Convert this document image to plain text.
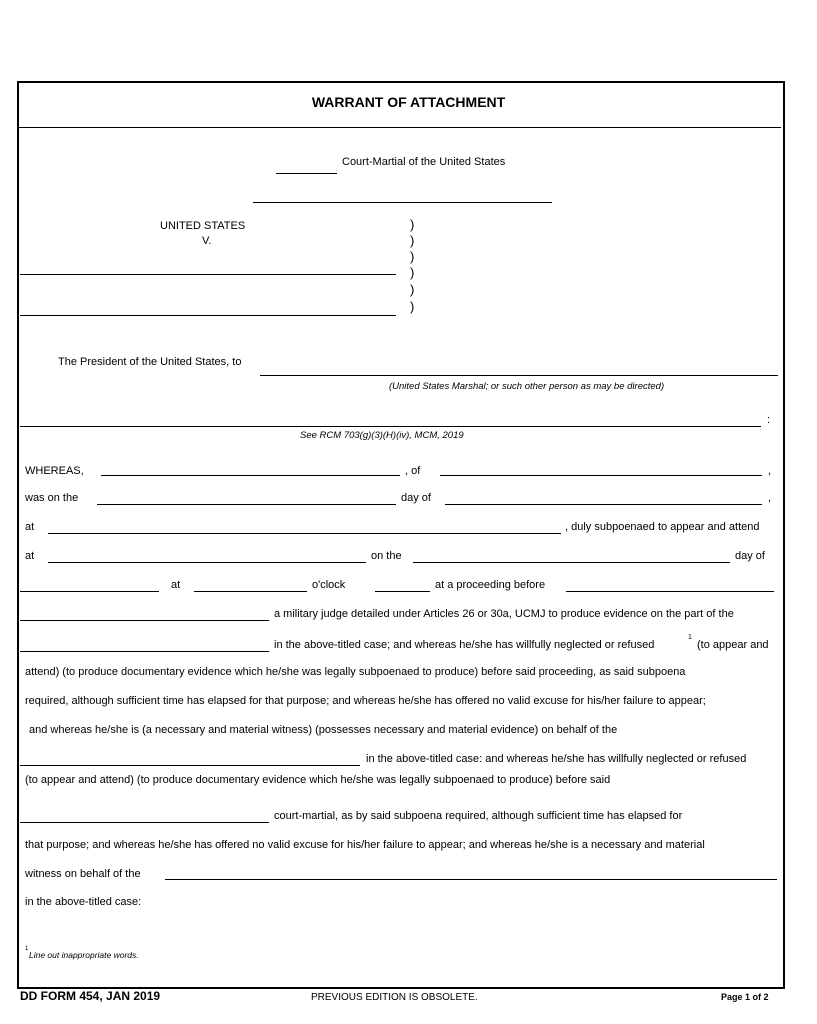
WARRANT OF ATTACHMENT
Court-Martial of the United States
UNITED STATES
V.
)
)
)
)
)
)
The President of the United States, to
(United States Marshal; or such other person as may be directed)
:
See RCM 703(g)(3)(H)(iv), MCM, 2019
WHEREAS,	, of	,
was on the	day of	,
at	, duly subpoenaed to appear and attend
at	on the	day of
at	o'clock	at a proceeding before
a military judge detailed under Articles 26 or 30a, UCMJ to produce evidence on the part of the
in the above-titled case; and whereas he/she has willfully neglected or refused
1
(to appear and
attend) (to produce documentary evidence which he/she was legally subpoenaed to produce) before said proceeding, as said subpoena
required, although sufficient time has elapsed for that purpose; and whereas he/she has offered no valid excuse for his/her failure to appear;
and whereas he/she is (a necessary and material witness) (possesses necessary and material evidence) on behalf of the
in the above-titled case: and whereas he/she has willfully neglected or refused
(to appear and attend) (to produce documentary evidence which he/she was legally subpoenaed to produce) before said
court-martial, as by said subpoena required, although sufficient time has elapsed for
that purpose; and whereas he/she has offered no valid excuse for his/her failure to appear; and whereas he/she is a necessary and material
witness on behalf of the
in the above-titled case:
1
Line out inappropriate words.
DD FORM 454, JAN 2019	PREVIOUS EDITION IS OBSOLETE.	Page 1 of 2
